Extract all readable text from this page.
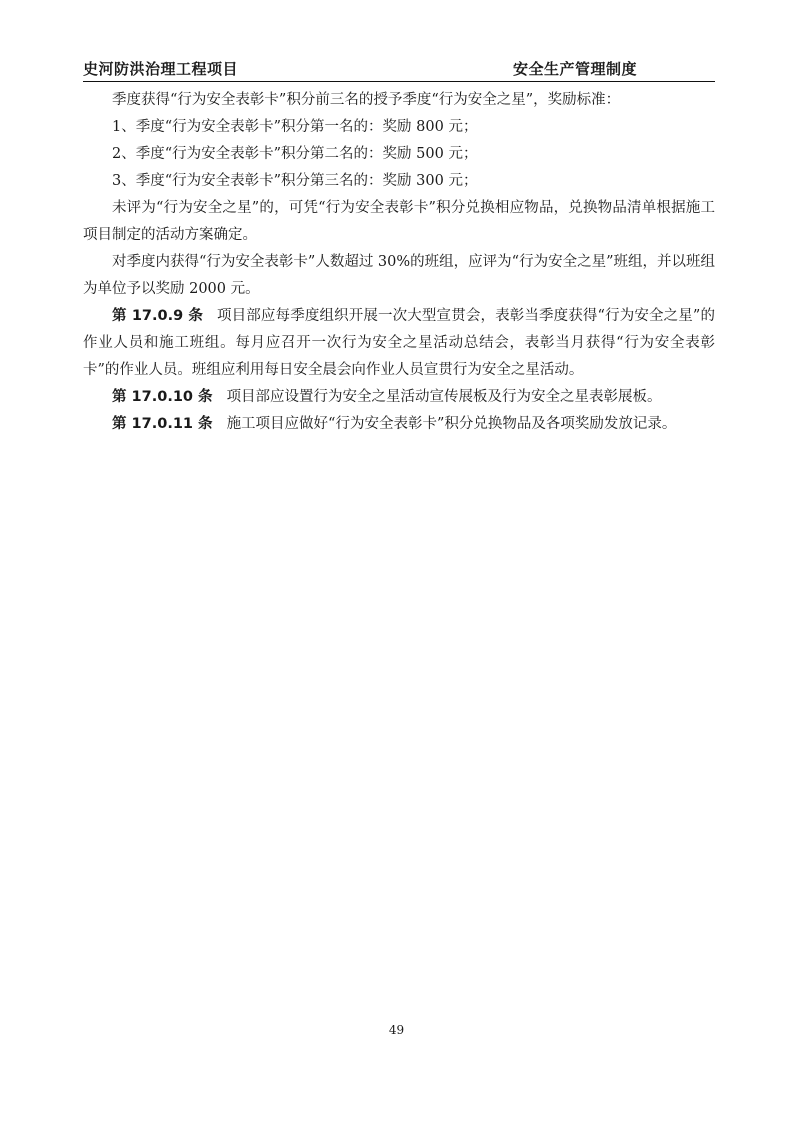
史河防洪治理工程项目	安全生产管理制度

季度获得“行为安全表彰卡”积分前三名的授予季度“行为安全之星”，奖励标准：

1、季度“行为安全表彰卡”积分第一名的：奖励 800 元；

2、季度“行为安全表彰卡”积分第二名的：奖励 500 元；

3、季度“行为安全表彰卡”积分第三名的：奖励 300 元；

未评为“行为安全之星”的，可凭“行为安全表彰卡”积分兑换相应物品，兑换物品清单根据施工项目制定的活动方案确定。

对季度内获得“行为安全表彰卡”人数超过 30%的班组，应评为“行为安全之星”班组，并以班组为单位予以奖励 2000 元。

第 17.0.9 条 项目部应每季度组织开展一次大型宣贯会，表彰当季度获得“行为安全之星”的作业人员和施工班组。每月应召开一次行为安全之星活动总结会，表彰当月获得“行为安全表彰卡”的作业人员。班组应利用每日安全晨会向作业人员宣贯行为安全之星活动。

第 17.0.10 条 项目部应设置行为安全之星活动宣传展板及行为安全之星表彰展板。

第 17.0.11 条 施工项目应做好“行为安全表彰卡”积分兑换物品及各项奖励发放记录。

49
